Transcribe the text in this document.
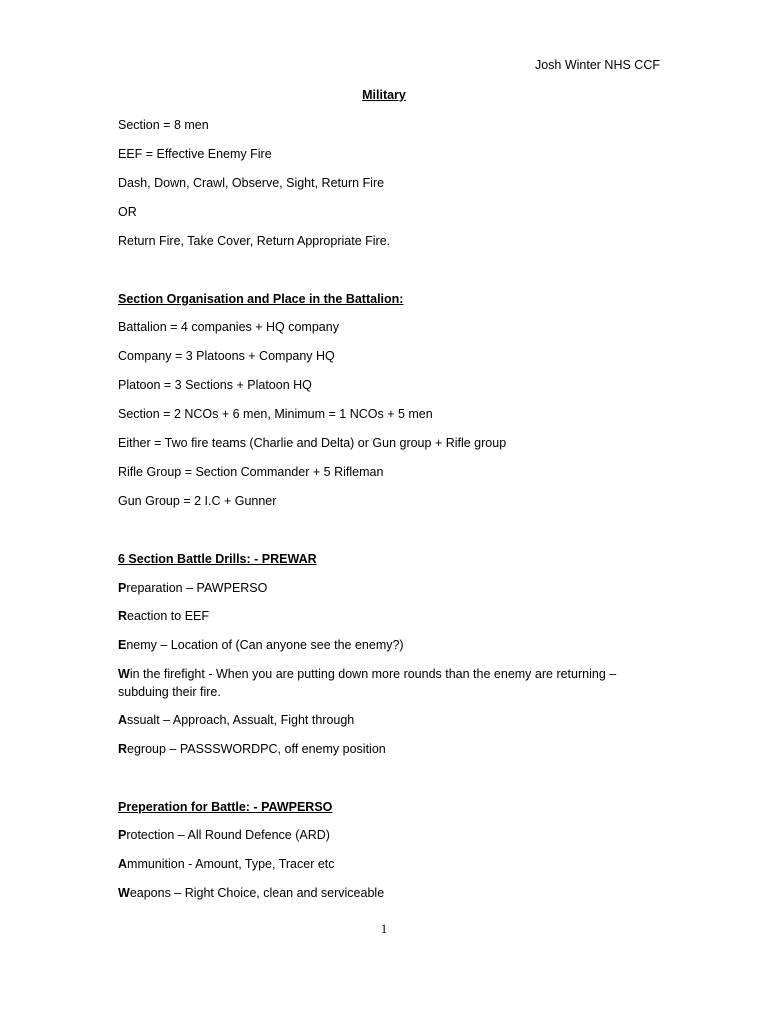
Josh Winter NHS CCF
Military
Section = 8 men
EEF = Effective Enemy Fire
Dash, Down, Crawl, Observe, Sight, Return Fire
OR
Return Fire, Take Cover, Return Appropriate Fire.
Section Organisation and Place in the Battalion:
Battalion = 4 companies + HQ company
Company = 3 Platoons + Company HQ
Platoon = 3 Sections + Platoon HQ
Section = 2 NCOs + 6 men, Minimum = 1 NCOs + 5 men
Either = Two fire teams (Charlie and Delta) or Gun group + Rifle group
Rifle Group = Section Commander + 5 Rifleman
Gun Group = 2 I.C + Gunner
6 Section Battle Drills: - PREWAR
Preparation – PAWPERSO
Reaction to EEF
Enemy – Location of (Can anyone see the enemy?)
Win the firefight - When you are putting down more rounds than the enemy are returning – subduing their fire.
Assualt – Approach, Assualt, Fight through
Regroup – PASSSWORDPC, off enemy position
Preperation for Battle: - PAWPERSO
Protection – All Round Defence (ARD)
Ammunition - Amount, Type, Tracer etc
Weapons – Right Choice, clean and serviceable
1
